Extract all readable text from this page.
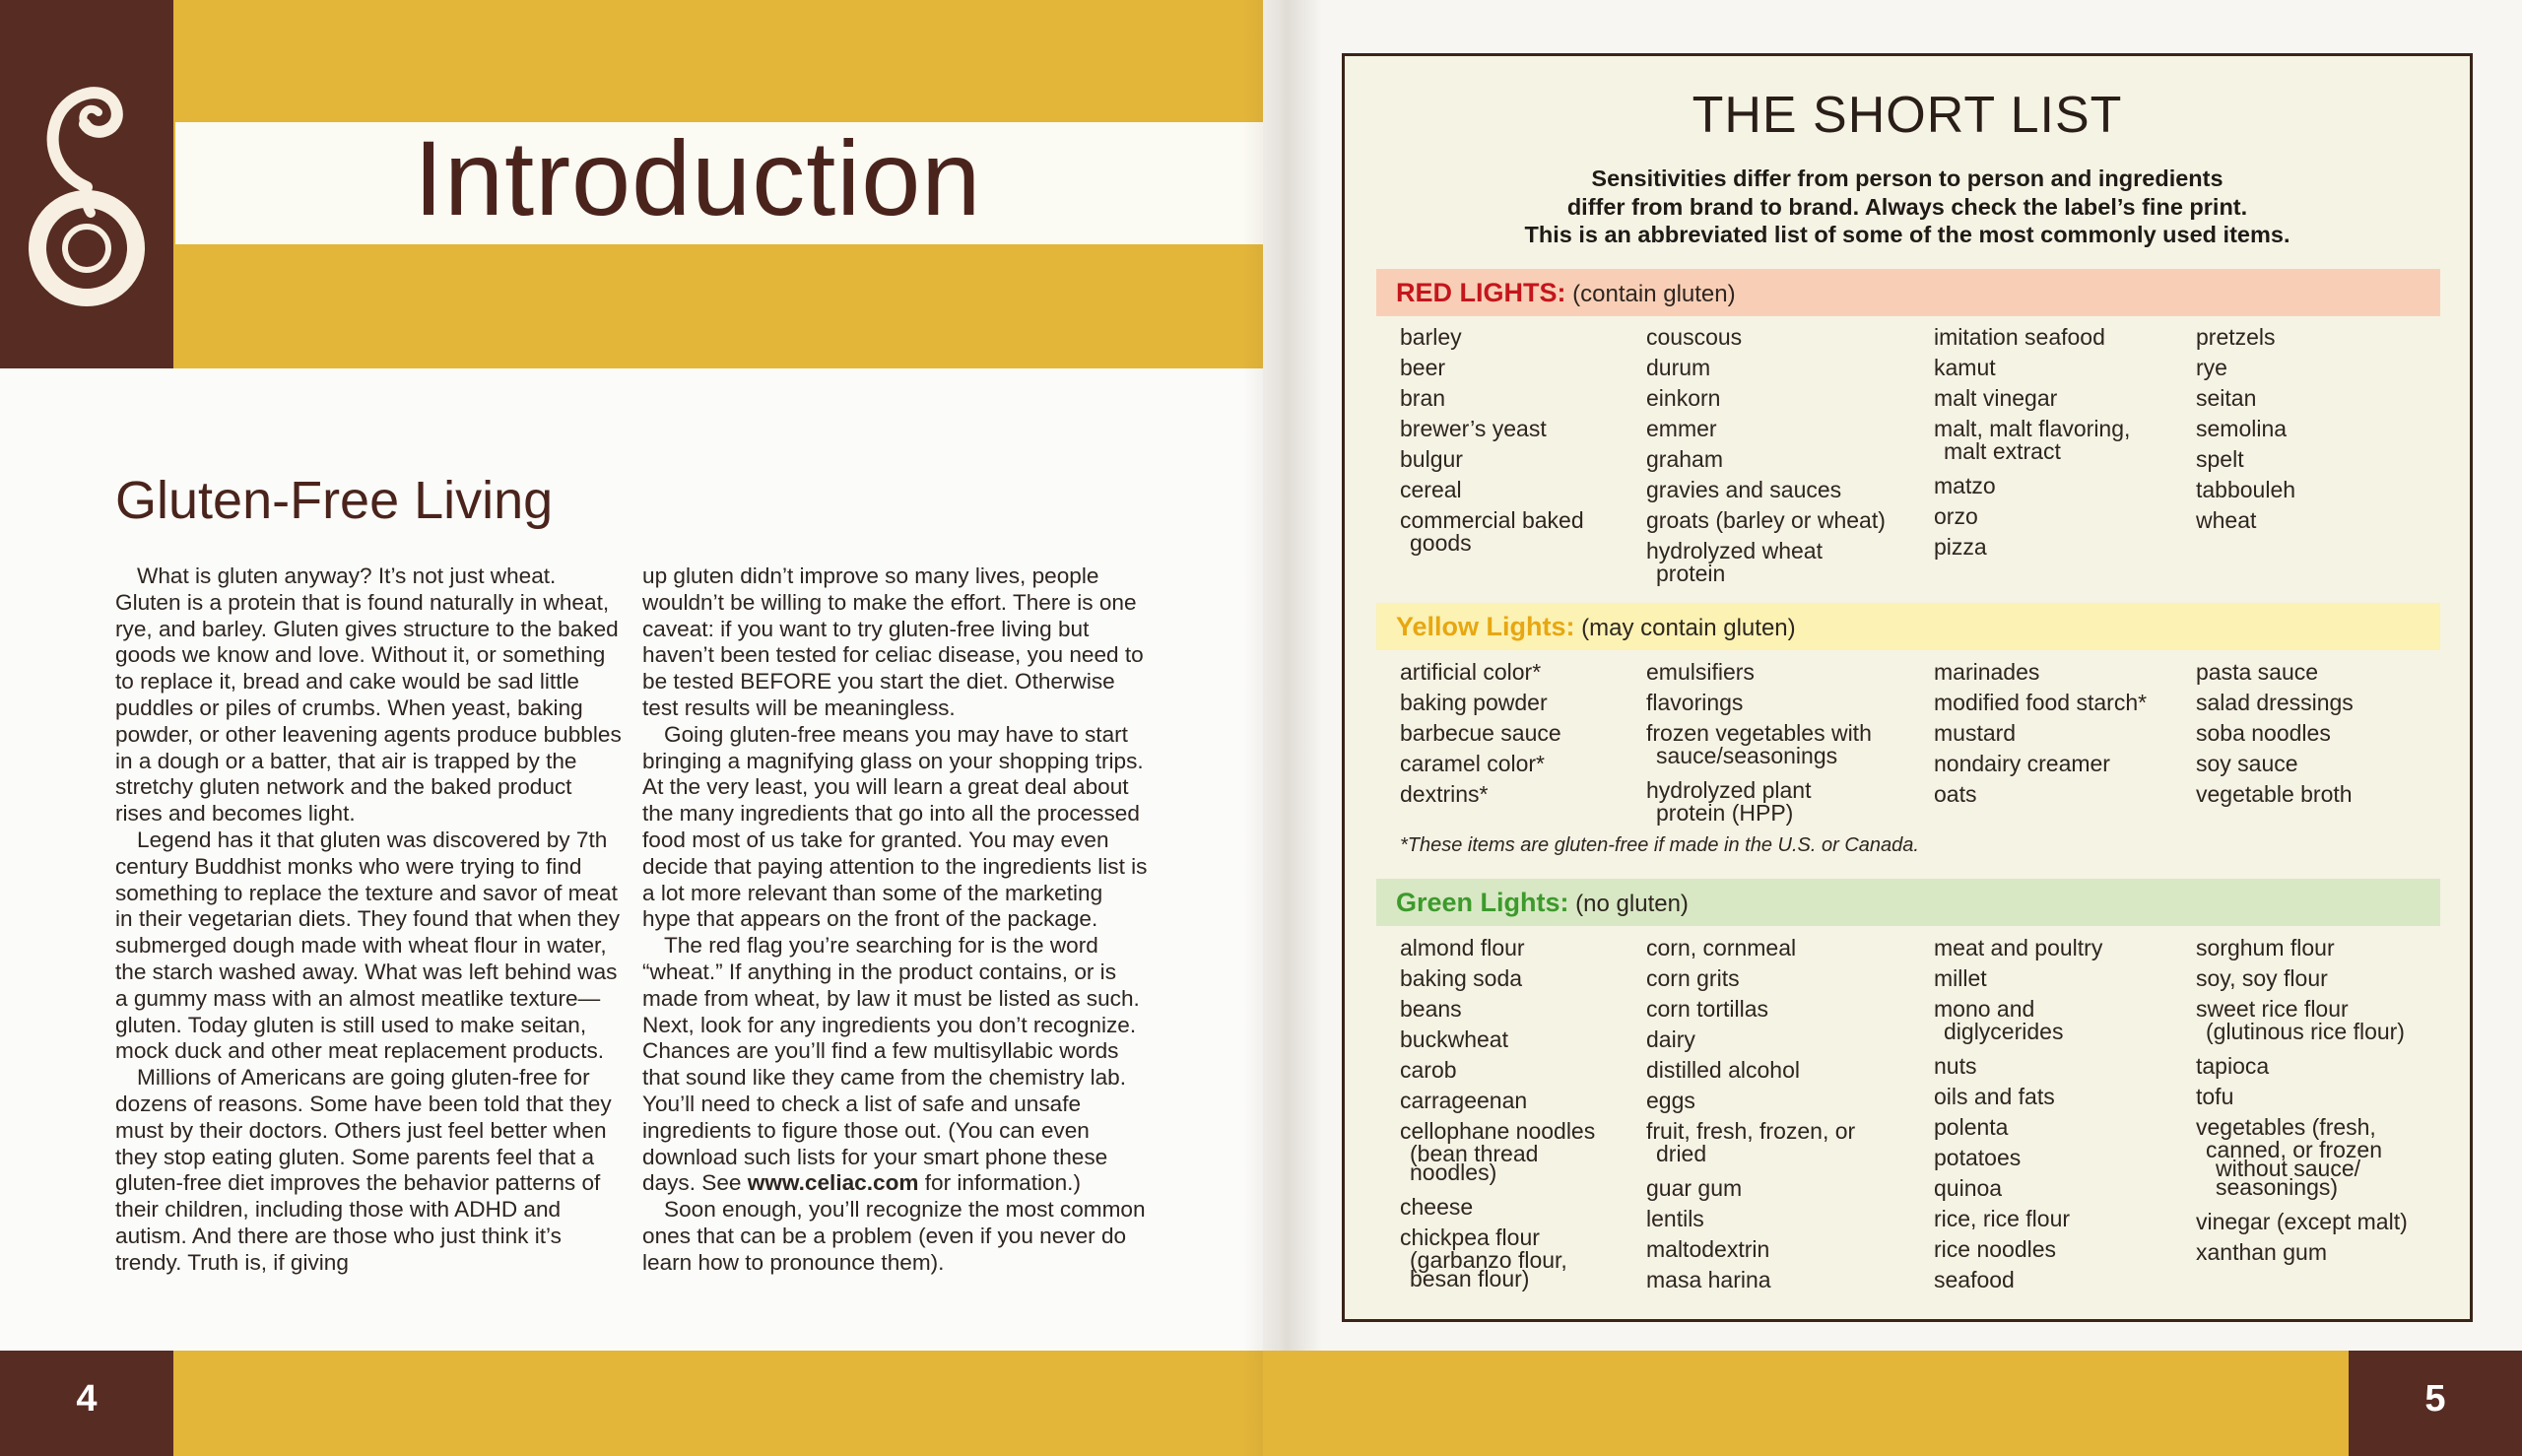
Introduction
Gluten-Free Living

What is gluten anyway? It’s not just wheat. Gluten is a protein that is found naturally in wheat, rye, and barley. Gluten gives structure to the baked goods we know and love. Without it, or something to replace it, bread and cake would be sad little puddles or piles of crumbs. When yeast, baking powder, or other leavening agents produce bubbles in a dough or a batter, that air is trapped by the stretchy gluten network and the baked product rises and becomes light.

Legend has it that gluten was discovered by 7th century Buddhist monks who were trying to find something to replace the texture and savor of meat in their vegetarian diets. They found that when they submerged dough made with wheat flour in water, the starch washed away. What was left behind was a gummy mass with an almost meatlike texture—gluten. Today gluten is still used to make seitan, mock duck and other meat replacement products.

Millions of Americans are going gluten-free for dozens of reasons. Some have been told that they must by their doctors. Others just feel better when they stop eating gluten. Some parents feel that a gluten-free diet improves the behavior patterns of their children, including those with ADHD and autism. And there are those who just think it’s trendy. Truth is, if giving

up gluten didn’t improve so many lives, people wouldn’t be willing to make the effort. There is one caveat: if you want to try gluten-free living but haven’t been tested for celiac disease, you need to be tested BEFORE you start the diet. Otherwise test results will be meaningless.

Going gluten-free means you may have to start bringing a magnifying glass on your shopping trips. At the very least, you will learn a great deal about the many ingredients that go into all the processed food most of us take for granted. You may even decide that paying attention to the ingredients list is a lot more relevant than some of the marketing hype that appears on the front of the package.

The red flag you’re searching for is the word “wheat.” If anything in the product contains, or is made from wheat, by law it must be listed as such. Next, look for any ingredients you don’t recognize. Chances are you’ll find a few multisyllabic words that sound like they came from the chemistry lab. You’ll need to check a list of safe and unsafe ingredients to figure those out. (You can even download such lists for your smart phone these days. See www.celiac.com for information.)

Soon enough, you’ll recognize the most common ones that can be a problem (even if you never do learn how to pronounce them).

4	5
THE SHORT LIST
Sensitivities differ from person to person and ingredients
differ from brand to brand. Always check the label’s fine print.
This is an abbreviated list of some of the most commonly used items.
RED LIGHTS: (contain gluten)
barley
beer
bran
brewer’s yeast
bulgur
cereal
commercial baked
goods
couscous
durum
einkorn
emmer
graham
gravies and sauces
groats (barley or wheat)
hydrolyzed wheat
protein
imitation seafood
kamut
malt vinegar
malt, malt flavoring,
malt extract
matzo
orzo
pizza
pretzels
rye
seitan
semolina
spelt
tabbouleh
wheat
Yellow Lights: (may contain gluten)
artificial color*
baking powder
barbecue sauce
caramel color*
dextrins*
emulsifiers
flavorings
frozen vegetables with
sauce/seasonings
hydrolyzed plant
protein (HPP)
marinades
modified food starch*
mustard
nondairy creamer
oats
pasta sauce
salad dressings
soba noodles
soy sauce
vegetable broth
*These items are gluten-free if made in the U.S. or Canada.
Green Lights: (no gluten)
almond flour
baking soda
beans
buckwheat
carob
carrageenan
cellophane noodles
(bean thread
noodles)
cheese
chickpea flour
(garbanzo flour,
besan flour)
corn, cornmeal
corn grits
corn tortillas
dairy
distilled alcohol
eggs
fruit, fresh, frozen, or
dried
guar gum
lentils
maltodextrin
masa harina
meat and poultry
millet
mono and
diglycerides
nuts
oils and fats
polenta
potatoes
quinoa
rice, rice flour
rice noodles
seafood
sorghum flour
soy, soy flour
sweet rice flour
(glutinous rice flour)
tapioca
tofu
vegetables (fresh,
canned, or frozen
without sauce/
seasonings)
vinegar (except malt)
xanthan gum
